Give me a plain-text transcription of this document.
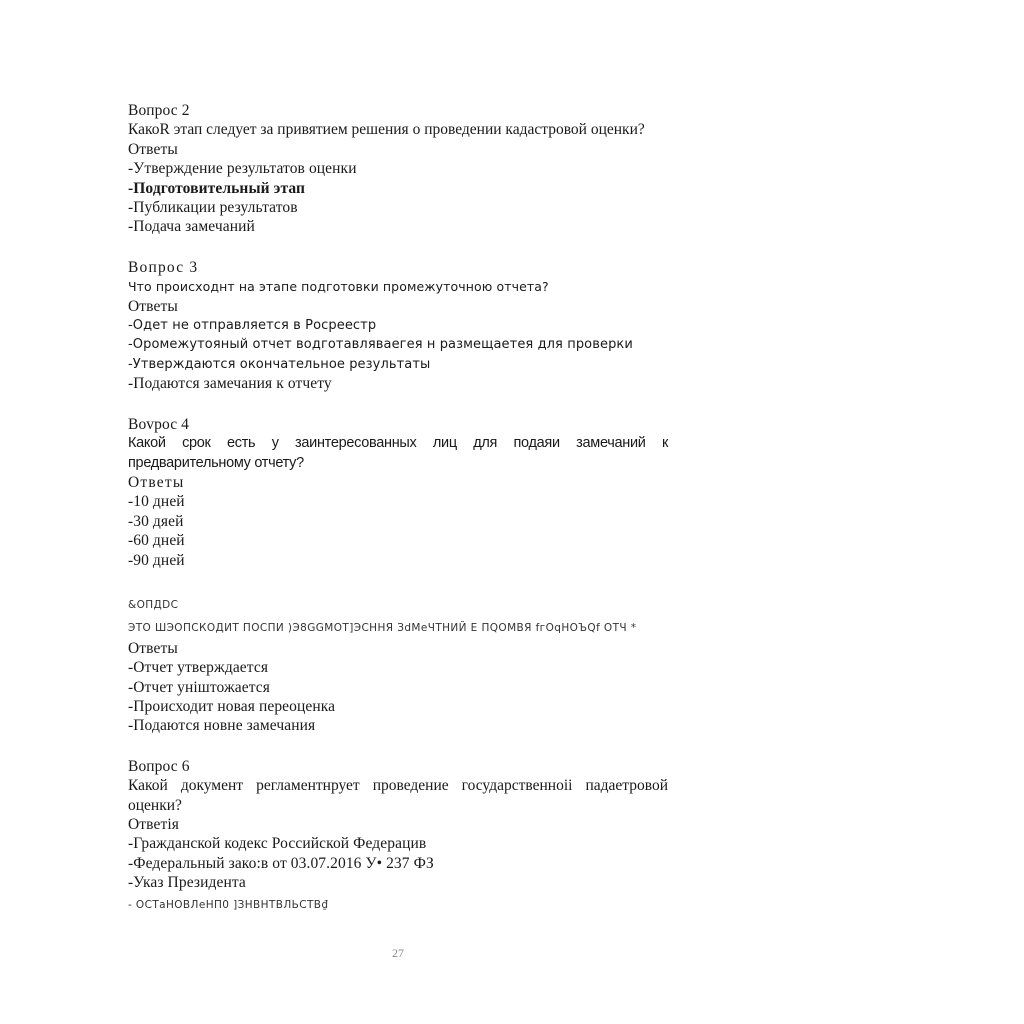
Вопрос 2
КакоR этап следует за привятием решения о проведении кадастровой оценки?
Ответы
-Утверждение результатов оценки
-Подготовительный этап
-Публикации результатов
-Подача замечаний
Вопрос 3
Что происходнт на этапе подготовки промежуточною отчета?
Ответы
-Одет не отправляется в Росреестр
-Оромежутояный отчет водготавляваегея н размещаетея для проверки
-Утверждаются окончательное результаты
-Подаются замечания к отчету
Вovрос 4
Какой срок есть у заинтересованных лиц для подаяи замечаний к предварительному отчету?
Ответы
-10 дней
-30 дяей
-60 дней
-90 дней
&ОПДDС
ЭТО ШЭОПСКОДИТ ПОСПИ )Э8GGMОТ]ЭСННЯ ЗdМеЧТНИЙ Е ПQОМВЯ fгОqНОЪQf ОТЧ *
Ответы
-Отчет утверждается
-Отчет уніштожается
-Происходит новая переоценка
-Подаются новне замечания
Вопрос 6
Какой документ регламентнрует проведение государственноіі падаетровой оценки?
Ответія
-Гражданской кодекс Российской Федерацив
-Федеральный зако:в от 03.07.2016 У• 237 ФЗ
-Указ Президента
- ОСТаНОВЛеНП0 ]ЗНВНТВЛЬСТВ₫
27
